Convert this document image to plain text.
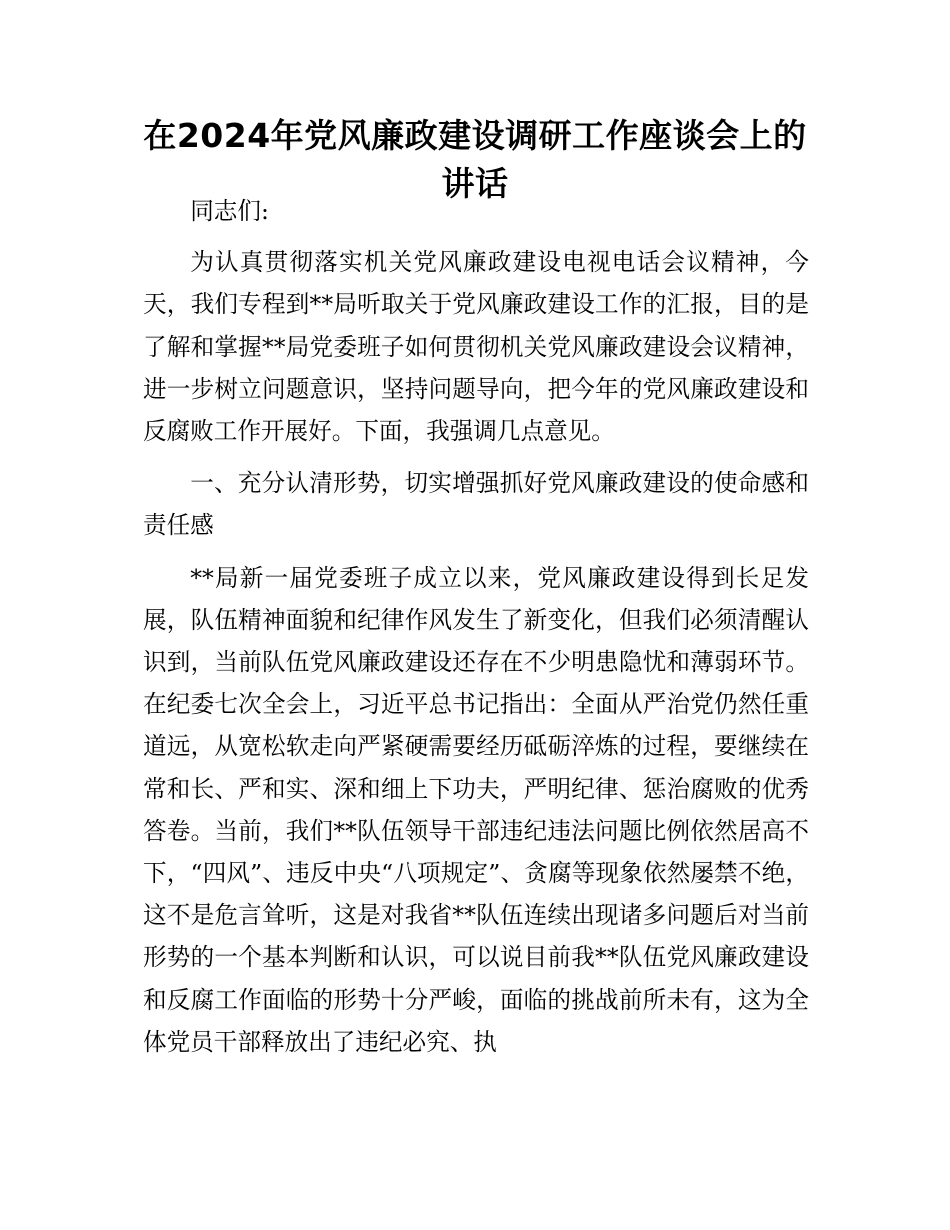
在2024年党风廉政建设调研工作座谈会上的讲话

同志们:

为认真贯彻落实机关党风廉政建设电视电话会议精神，今天，我们专程到**局听取关于党风廉政建设工作的汇报，目的是了解和掌握**局党委班子如何贯彻机关党风廉政建设会议精神，进一步树立问题意识，坚持问题导向，把今年的党风廉政建设和反腐败工作开展好。下面，我强调几点意见。

一、充分认清形势，切实增强抓好党风廉政建设的使命感和责任感

**局新一届党委班子成立以来，党风廉政建设得到长足发展，队伍精神面貌和纪律作风发生了新变化，但我们必须清醒认识到，当前队伍党风廉政建设还存在不少明患隐忧和薄弱环节。在纪委七次全会上，习近平总书记指出：全面从严治党仍然任重道远，从宽松软走向严紧硬需要经历砥砺淬炼的过程，要继续在常和长、严和实、深和细上下功夫，严明纪律、惩治腐败的优秀答卷。当前，我们**队伍领导干部违纪违法问题比例依然居高不下，“四风”、违反中央“八项规定”、贪腐等现象依然屡禁不绝，这不是危言耸听，这是对我省**队伍连续出现诸多问题后对当前形势的一个基本判断和认识，可以说目前我**队伍党风廉政建设和反腐工作面临的形势十分严峻，面临的挑战前所未有，这为全体党员干部释放出了违纪必究、执
